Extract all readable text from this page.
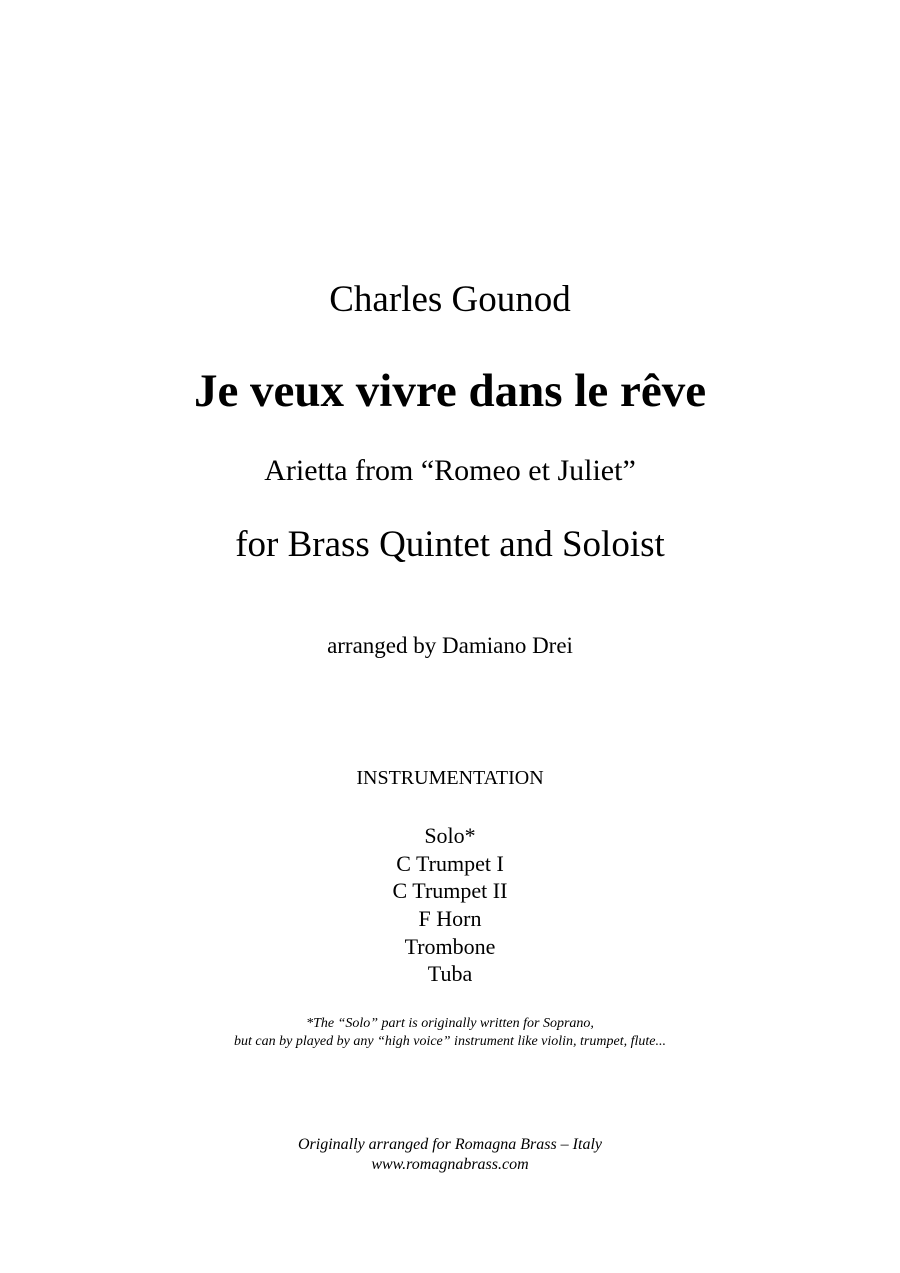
Charles Gounod
Je veux vivre dans le rêve
Arietta from “Romeo et Juliet”
for Brass Quintet and Soloist
arranged by Damiano Drei
INSTRUMENTATION
Solo*
C Trumpet I
C Trumpet II
F Horn
Trombone
Tuba
*The “Solo” part is originally written for Soprano,
but can by played by any “high voice” instrument like violin, trumpet, flute...
Originally arranged for Romagna Brass – Italy
www.romagnabrass.com
